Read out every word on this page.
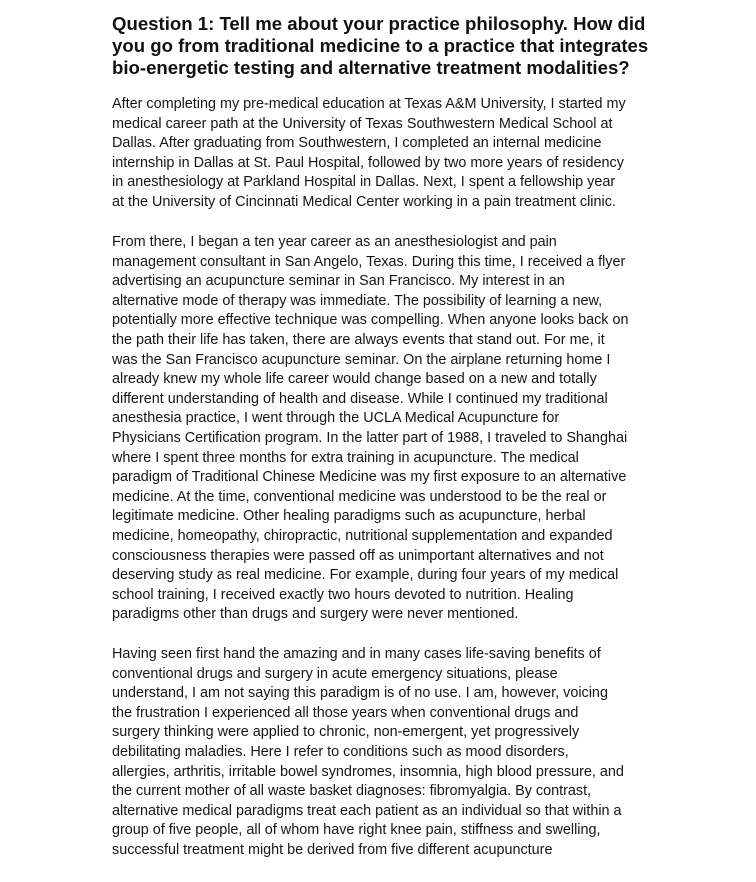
Question 1: Tell me about your practice philosophy. How did
you go from traditional medicine to a practice that integrates
bio-energetic testing and alternative treatment modalities?
After completing my pre-medical education at Texas A&M University, I started my
medical career path at the University of Texas Southwestern Medical School at
Dallas. After graduating from Southwestern, I completed an internal medicine
internship in Dallas at St. Paul Hospital, followed by two more years of residency
in anesthesiology at Parkland Hospital in Dallas. Next, I spent a fellowship year
at the University of Cincinnati Medical Center working in a pain treatment clinic.
From there, I began a ten year career as an anesthesiologist and pain
management consultant in San Angelo, Texas. During this time, I received a flyer
advertising an acupuncture seminar in San Francisco. My interest in an
alternative mode of therapy was immediate. The possibility of learning a new,
potentially more effective technique was compelling. When anyone looks back on
the path their life has taken, there are always events that stand out. For me, it
was the San Francisco acupuncture seminar. On the airplane returning home I
already knew my whole life career would change based on a new and totally
different understanding of health and disease. While I continued my traditional
anesthesia practice, I went through the UCLA Medical Acupuncture for
Physicians Certification program. In the latter part of 1988, I traveled to Shanghai
where I spent three months for extra training in acupuncture. The medical
paradigm of Traditional Chinese Medicine was my first exposure to an alternative
medicine. At the time, conventional medicine was understood to be the real or
legitimate medicine. Other healing paradigms such as acupuncture, herbal
medicine, homeopathy, chiropractic, nutritional supplementation and expanded
consciousness therapies were passed off as unimportant alternatives and not
deserving study as real medicine. For example, during four years of my medical
school training, I received exactly two hours devoted to nutrition. Healing
paradigms other than drugs and surgery were never mentioned.
Having seen first hand the amazing and in many cases life-saving benefits of
conventional drugs and surgery in acute emergency situations, please
understand, I am not saying this paradigm is of no use. I am, however, voicing
the frustration I experienced all those years when conventional drugs and
surgery thinking were applied to chronic, non-emergent, yet progressively
debilitating maladies. Here I refer to conditions such as mood disorders,
allergies, arthritis, irritable bowel syndromes, insomnia, high blood pressure, and
the current mother of all waste basket diagnoses: fibromyalgia. By contrast,
alternative medical paradigms treat each patient as an individual so that within a
group of five people, all of whom have right knee pain, stiffness and swelling,
successful treatment might be derived from five different acupuncture
